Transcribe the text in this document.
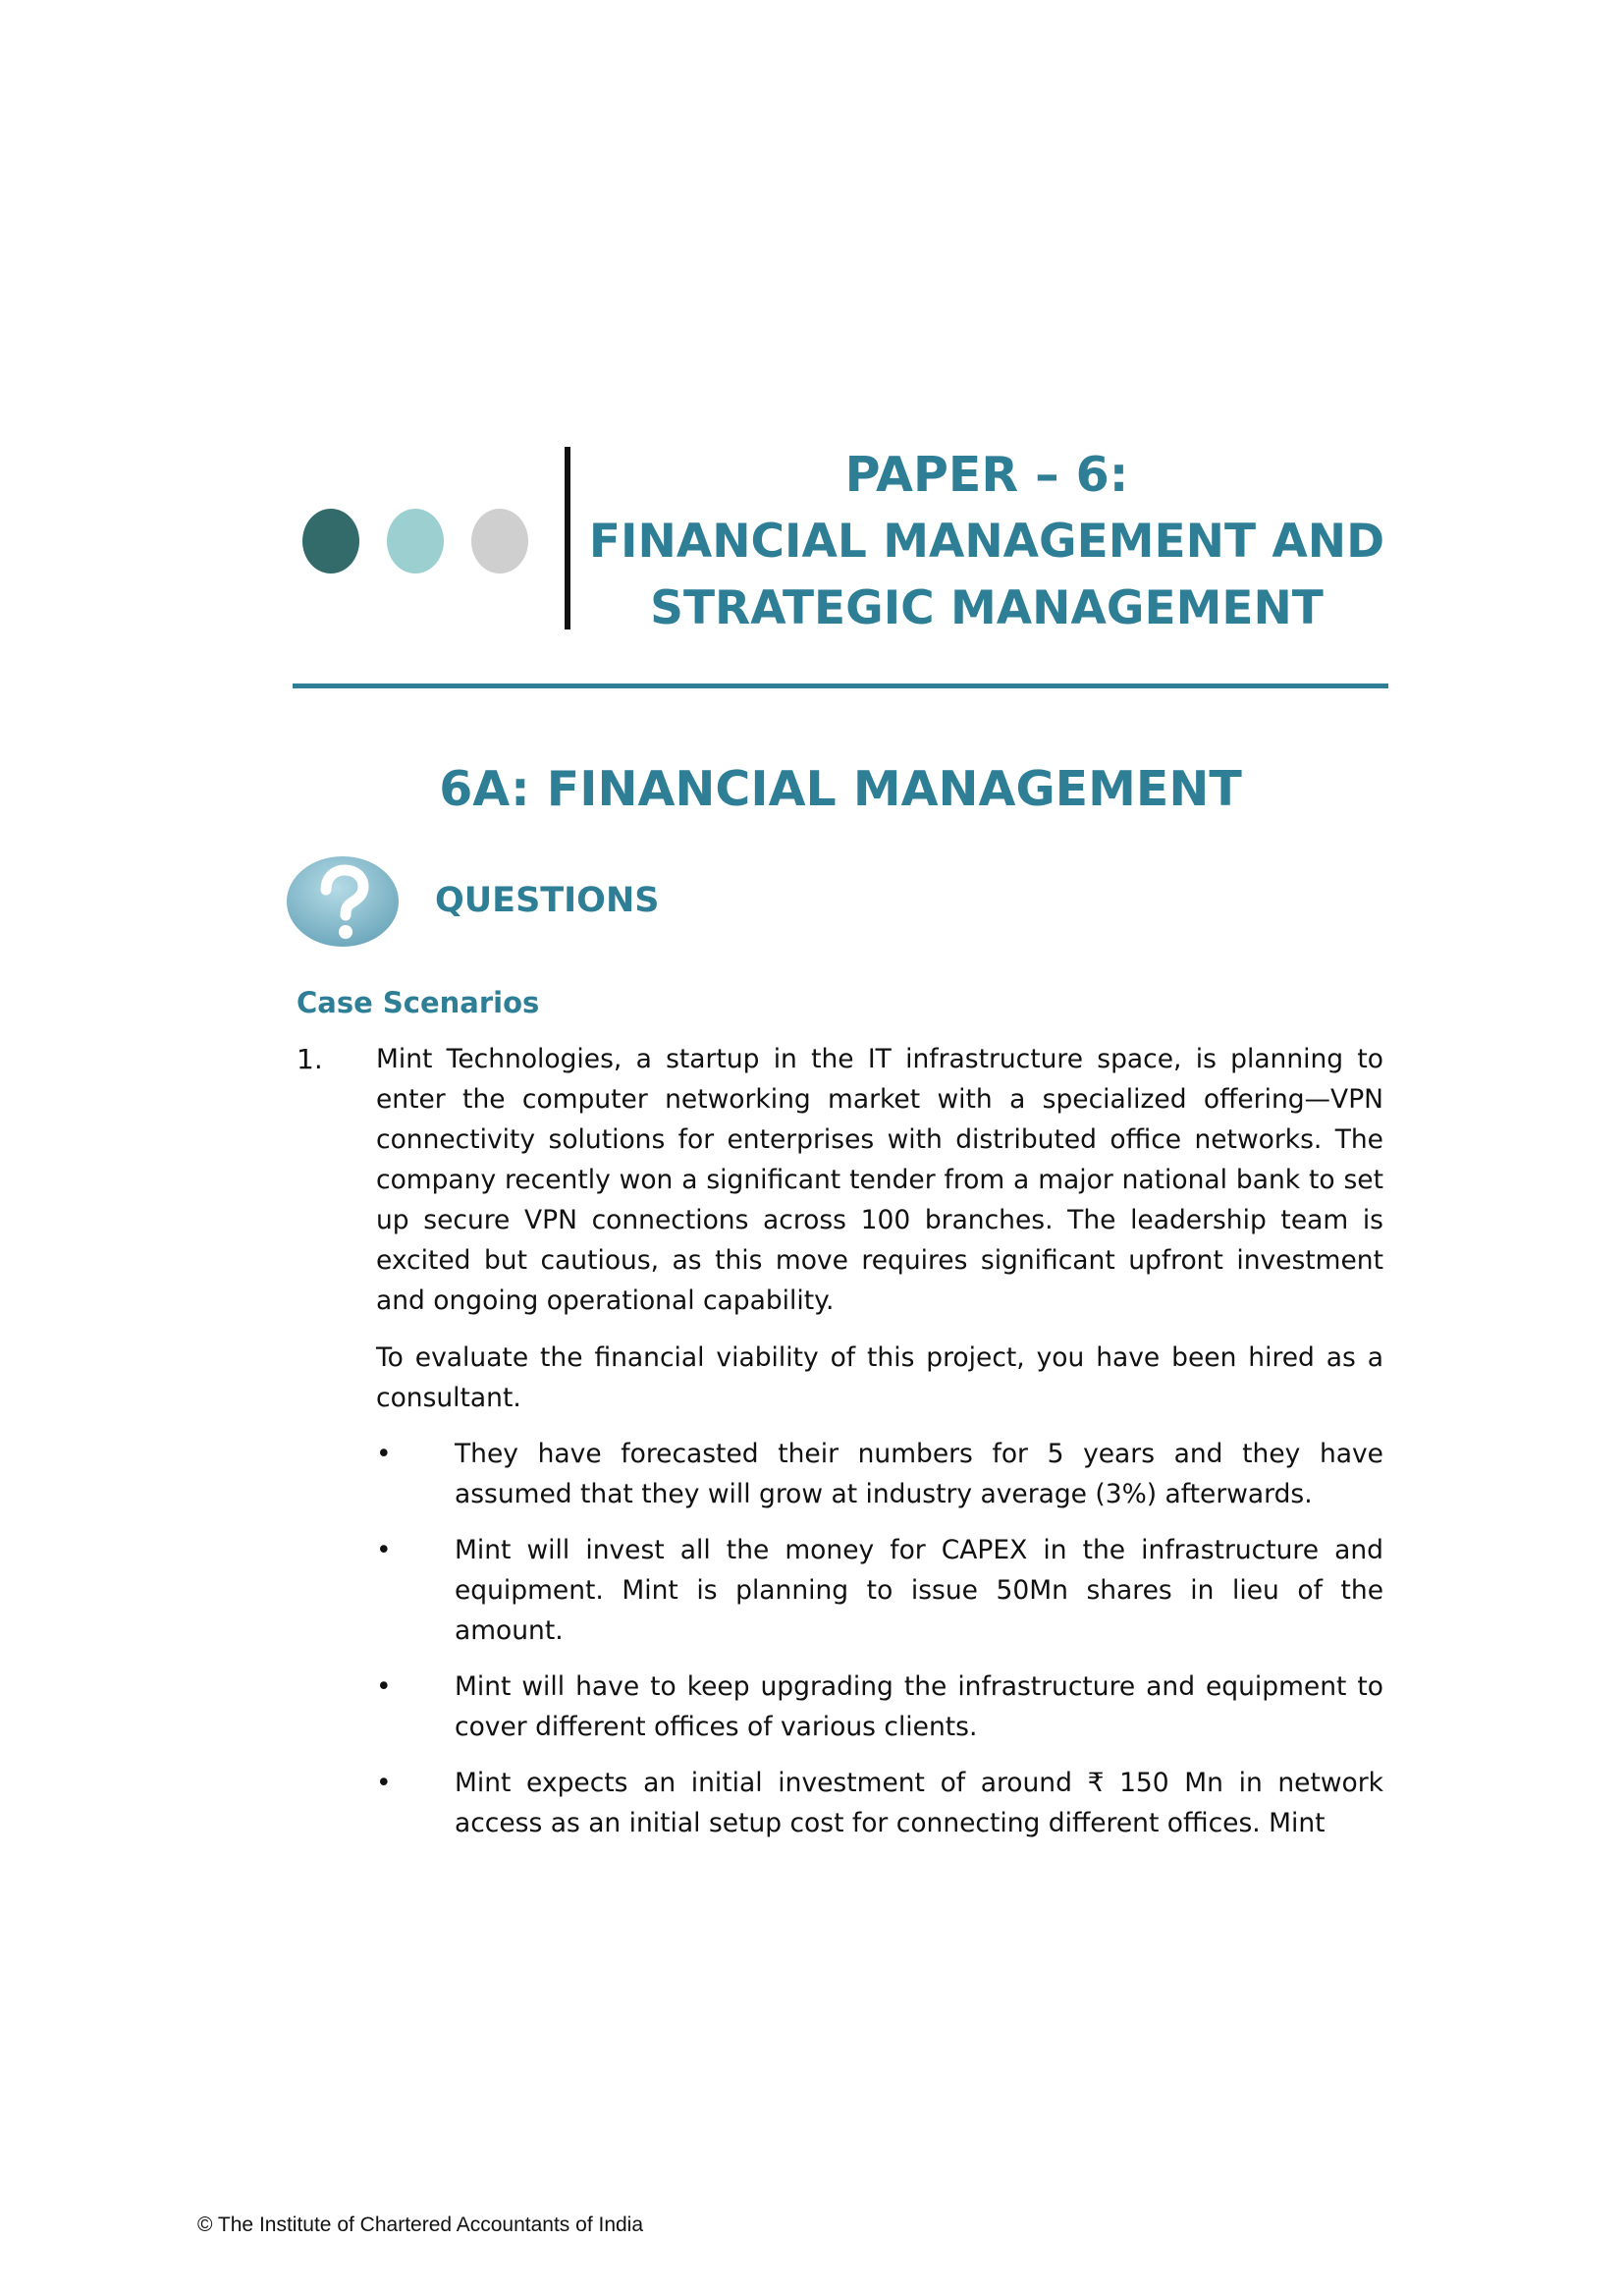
PAPER – 6:
FINANCIAL MANAGEMENT AND
STRATEGIC MANAGEMENT
6A: FINANCIAL MANAGEMENT
QUESTIONS
Case Scenarios
1. Mint Technologies, a startup in the IT infrastructure space, is planning to enter the computer networking market with a specialized offering—VPN connectivity solutions for enterprises with distributed office networks. The company recently won a significant tender from a major national bank to set up secure VPN connections across 100 branches. The leadership team is excited but cautious, as this move requires significant upfront investment and ongoing operational capability.
To evaluate the financial viability of this project, you have been hired as a consultant.
• They have forecasted their numbers for 5 years and they have assumed that they will grow at industry average (3%) afterwards.
• Mint will invest all the money for CAPEX in the infrastructure and equipment. Mint is planning to issue 50Mn shares in lieu of the amount.
• Mint will have to keep upgrading the infrastructure and equipment to cover different offices of various clients.
• Mint expects an initial investment of around ₹ 150 Mn in network access as an initial setup cost for connecting different offices. Mint
© The Institute of Chartered Accountants of India
